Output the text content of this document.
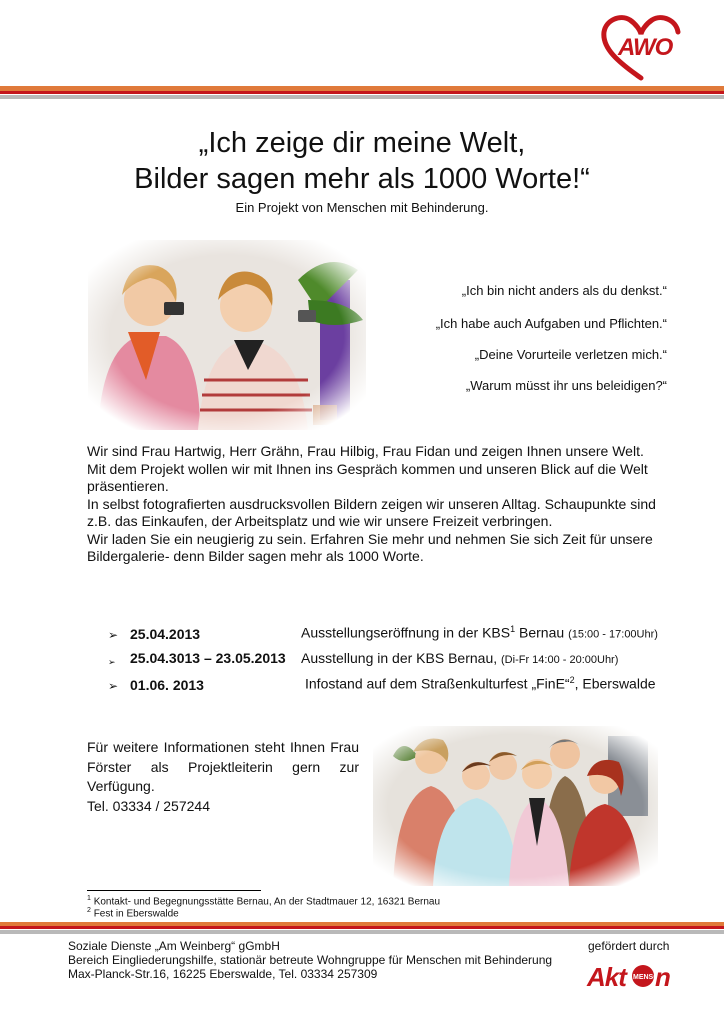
AWO
„Ich zeige dir meine Welt,
Bilder sagen mehr als 1000 Worte!“
Ein Projekt von Menschen mit Behinderung.
„Ich bin nicht anders als du denkst.“
„Ich habe auch Aufgaben und Pflichten.“
„Deine Vorurteile verletzen mich.“
„Warum müsst ihr uns beleidigen?“

Wir sind Frau Hartwig, Herr Grähn, Frau Hilbig, Frau Fidan und zeigen Ihnen unsere Welt.

Mit dem Projekt wollen wir mit Ihnen ins Gespräch kommen und unseren Blick auf die Welt präsentieren.

In selbst fotografierten ausdrucksvollen Bildern zeigen wir unseren Alltag. Schaupunkte sind z.B. das Einkaufen, der Arbeitsplatz und wie wir unsere Freizeit verbringen.

Wir laden Sie ein neugierig zu sein. Erfahren Sie mehr und nehmen Sie sich Zeit für unsere Bildergalerie- denn Bilder sagen mehr als 1000 Worte.

➢ 25.04.2013	Ausstellungseröffnung in der KBS$^1$ Bernau (15:00 - 17:00Uhr)
➢ 25.04.3013 – 23.05.2013 Ausstellung in der KBS Bernau, (Di-Fr 14:00 - 20:00Uhr)
➢ 01.06. 2013	Infostand auf dem Straßenkulturfest „FinE“$^2$, Eberswalde

Für weitere Informationen steht Ihnen Frau Förster als Projektleiterin gern zur Verfügung.

Tel. 03334 / 257244

$^1$ Kontakt- und Begegnungsstätte Bernau, An der Stadtmauer 12, 16321 Bernau
$^2$ Fest in Eberswalde
Soziale Dienste „Am Weinberg“ gGmbH
Bereich Eingliederungshilfe, stationär betreute Wohngruppe für Menschen mit Behinderung
Max-Planck-Str.16, 16225 Eberswalde, Tel. 03334 257309
gefördert durch
Akt	MENSCH
n
